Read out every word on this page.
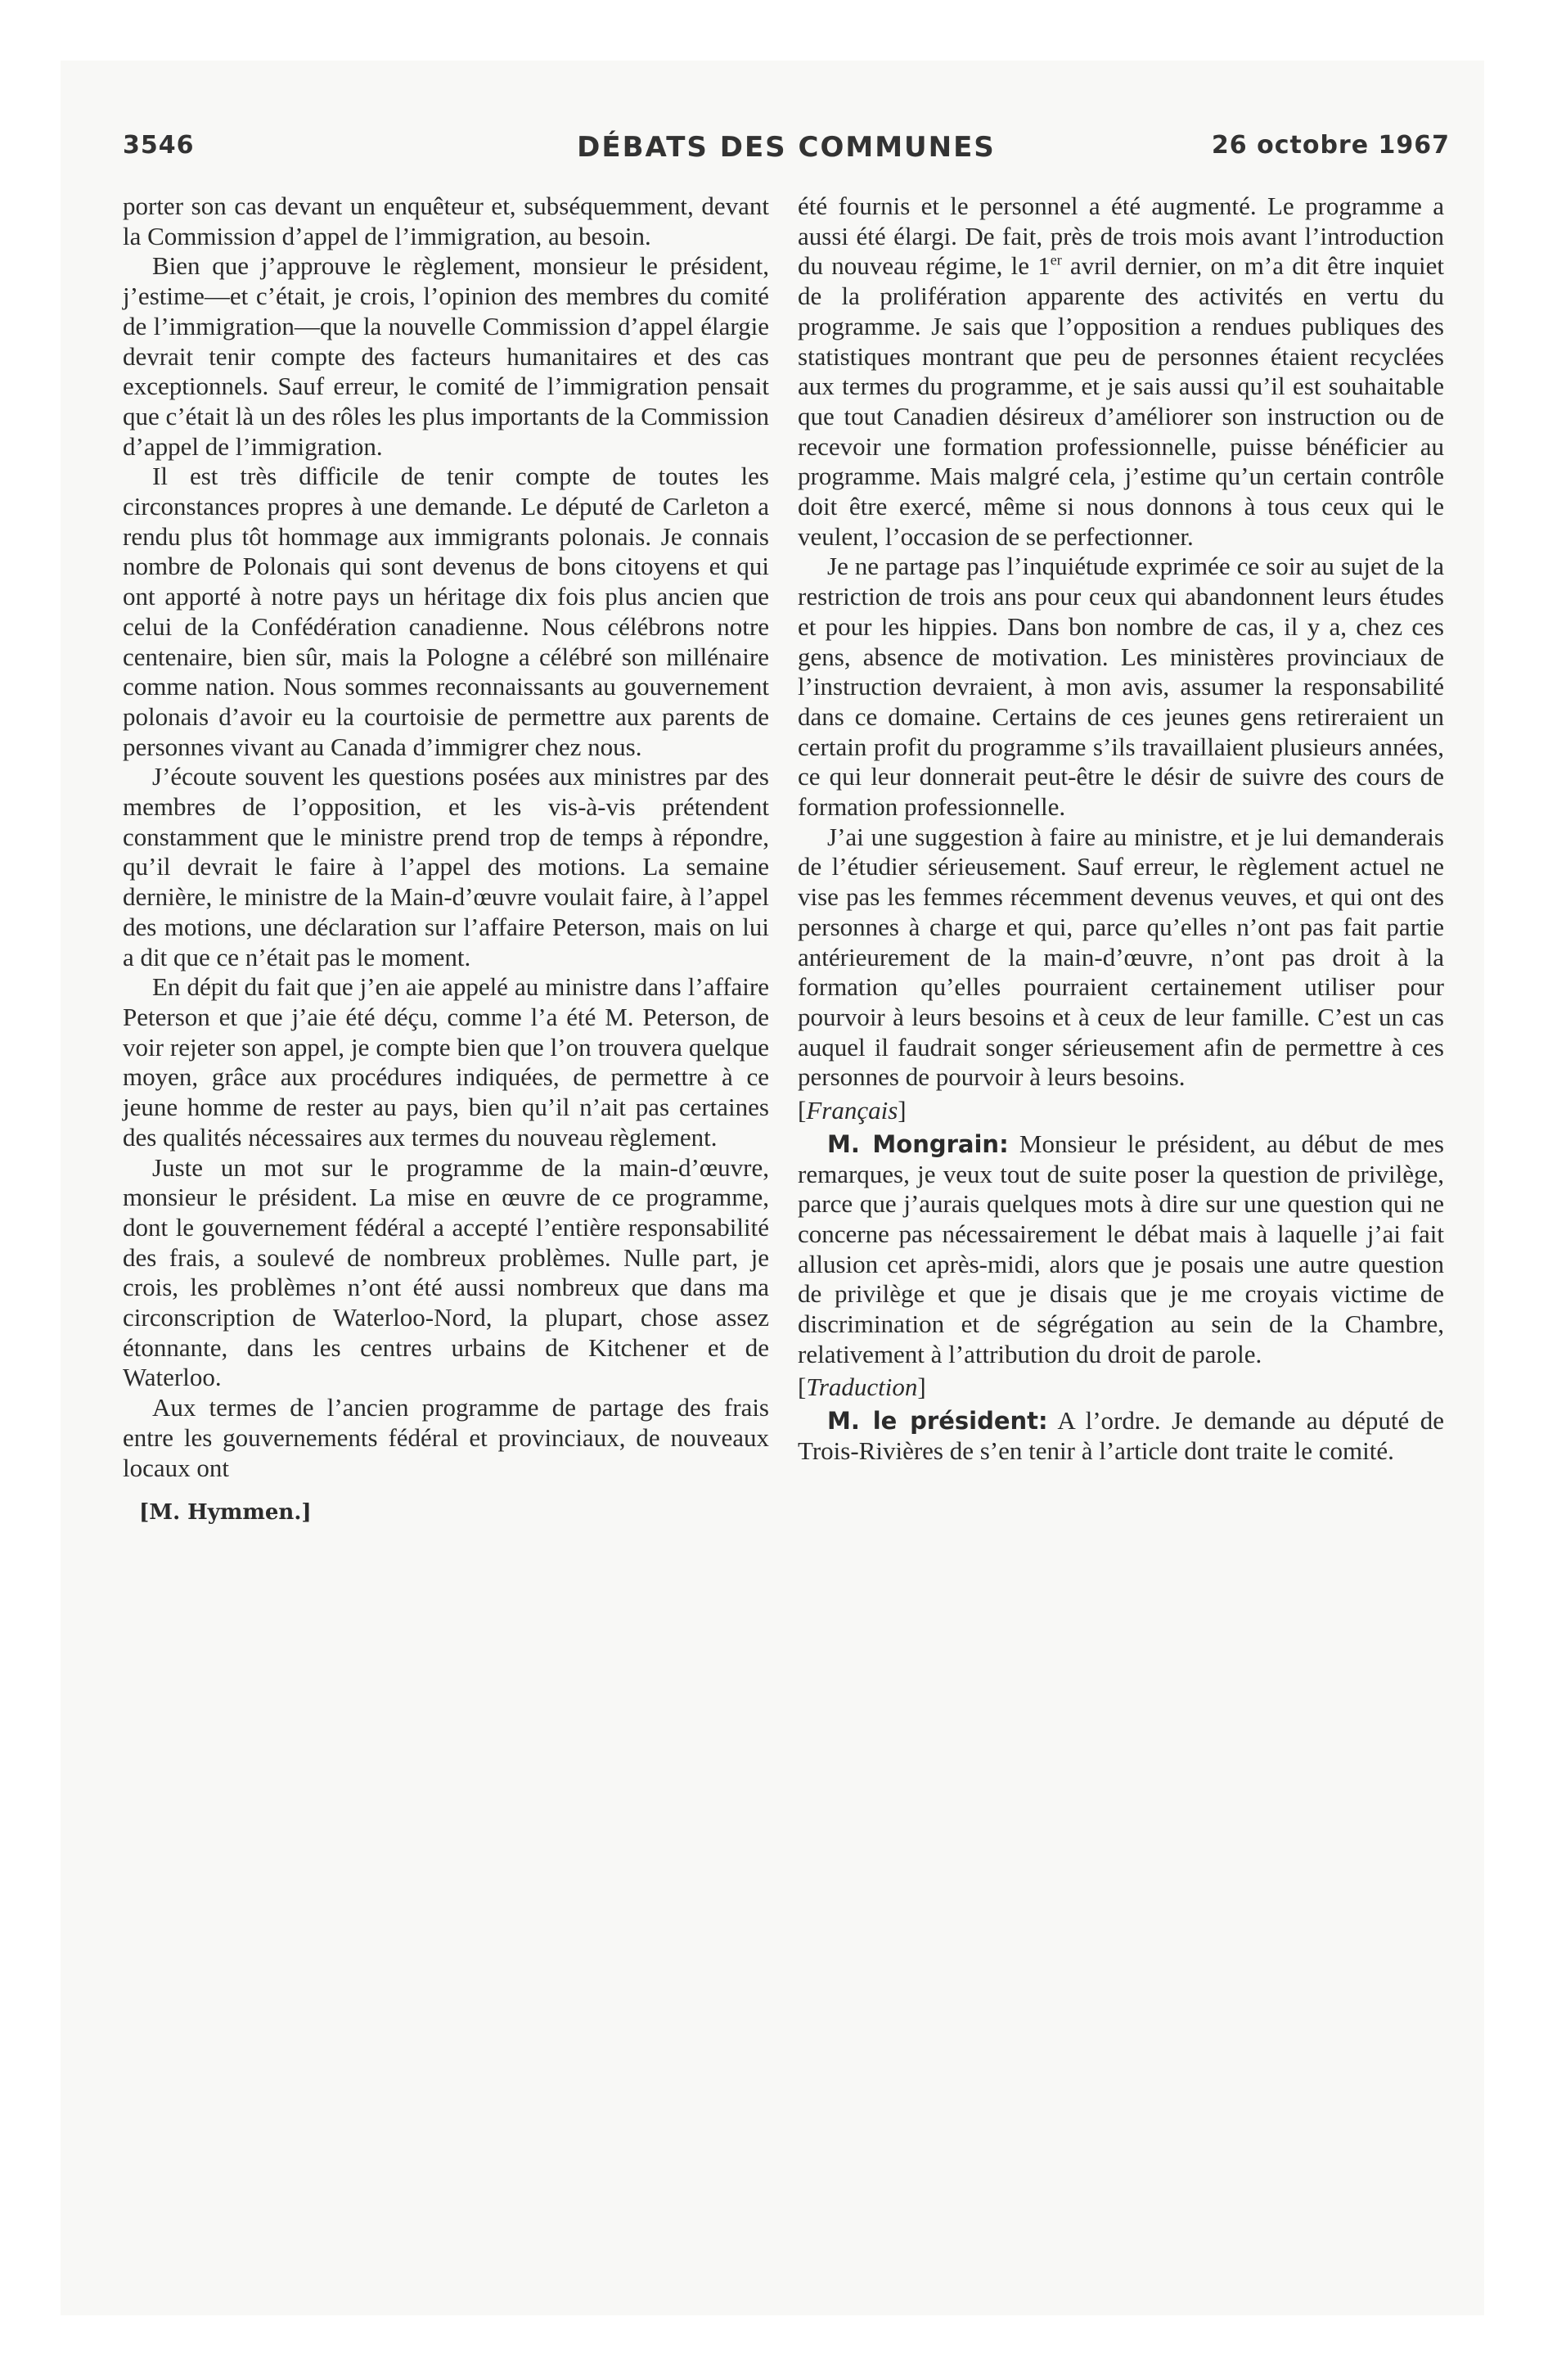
3546	DÉBATS DES COMMUNES	26 octobre 1967

porter son cas devant un enquêteur et, subséquemment, devant la Commission d’appel de l’immigration, au besoin.

Bien que j’approuve le règlement, monsieur le président, j’estime—et c’était, je crois, l’opinion des membres du comité de l’immigration—que la nouvelle Commission d’appel élargie devrait tenir compte des facteurs humanitaires et des cas exceptionnels. Sauf erreur, le comité de l’immigration pensait que c’était là un des rôles les plus importants de la Commission d’appel de l’immigration.

Il est très difficile de tenir compte de toutes les circonstances propres à une demande. Le député de Carleton a rendu plus tôt hommage aux immigrants polonais. Je connais nombre de Polonais qui sont devenus de bons citoyens et qui ont apporté à notre pays un héritage dix fois plus ancien que celui de la Confédération canadienne. Nous célébrons notre centenaire, bien sûr, mais la Pologne a célébré son millénaire comme nation. Nous sommes reconnaissants au gouvernement polonais d’avoir eu la courtoisie de permettre aux parents de personnes vivant au Canada d’immigrer chez nous.

J’écoute souvent les questions posées aux ministres par des membres de l’opposition, et les vis-à-vis prétendent constamment que le ministre prend trop de temps à répondre, qu’il devrait le faire à l’appel des motions. La semaine dernière, le ministre de la Main-d’œuvre voulait faire, à l’appel des motions, une déclaration sur l’affaire Peterson, mais on lui a dit que ce n’était pas le moment.

En dépit du fait que j’en aie appelé au ministre dans l’affaire Peterson et que j’aie été déçu, comme l’a été M. Peterson, de voir rejeter son appel, je compte bien que l’on trouvera quelque moyen, grâce aux procédures indiquées, de permettre à ce jeune homme de rester au pays, bien qu’il n’ait pas certaines des qualités nécessaires aux termes du nouveau règlement.

Juste un mot sur le programme de la main-d’œuvre, monsieur le président. La mise en œuvre de ce programme, dont le gouvernement fédéral a accepté l’entière responsabilité des frais, a soulevé de nombreux problèmes. Nulle part, je crois, les problèmes n’ont été aussi nombreux que dans ma circonscription de Waterloo-Nord, la plupart, chose assez étonnante, dans les centres urbains de Kitchener et de Waterloo.

Aux termes de l’ancien programme de partage des frais entre les gouvernements fédéral et provinciaux, de nouveaux locaux ont

[M. Hymmen.]

été fournis et le personnel a été augmenté. Le programme a aussi été élargi. De fait, près de trois mois avant l’introduction du nouveau régime, le 1er avril dernier, on m’a dit être inquiet de la prolifération apparente des activités en vertu du programme. Je sais que l’opposition a rendues publiques des statistiques montrant que peu de personnes étaient recyclées aux termes du programme, et je sais aussi qu’il est souhaitable que tout Canadien désireux d’améliorer son instruction ou de recevoir une formation professionnelle, puisse bénéficier au programme. Mais malgré cela, j’estime qu’un certain contrôle doit être exercé, même si nous donnons à tous ceux qui le veulent, l’occasion de se perfectionner.

Je ne partage pas l’inquiétude exprimée ce soir au sujet de la restriction de trois ans pour ceux qui abandonnent leurs études et pour les hippies. Dans bon nombre de cas, il y a, chez ces gens, absence de motivation. Les ministères provinciaux de l’instruction devraient, à mon avis, assumer la responsabilité dans ce domaine. Certains de ces jeunes gens retireraient un certain profit du programme s’ils travaillaient plusieurs années, ce qui leur donnerait peut-être le désir de suivre des cours de formation professionnelle.

J’ai une suggestion à faire au ministre, et je lui demanderais de l’étudier sérieusement. Sauf erreur, le règlement actuel ne vise pas les femmes récemment devenus veuves, et qui ont des personnes à charge et qui, parce qu’elles n’ont pas fait partie antérieurement de la main-d’œuvre, n’ont pas droit à la formation qu’elles pourraient certainement utiliser pour pourvoir à leurs besoins et à ceux de leur famille. C’est un cas auquel il faudrait songer sérieusement afin de permettre à ces personnes de pourvoir à leurs besoins.

[Français]

M. Mongrain: Monsieur le président, au début de mes remarques, je veux tout de suite poser la question de privilège, parce que j’aurais quelques mots à dire sur une question qui ne concerne pas nécessairement le débat mais à laquelle j’ai fait allusion cet après-midi, alors que je posais une autre question de privilège et que je disais que je me croyais victime de discrimination et de ségrégation au sein de la Chambre, relativement à l’attribution du droit de parole.

[Traduction]

M. le président: A l’ordre. Je demande au député de Trois-Rivières de s’en tenir à l’article dont traite le comité.
